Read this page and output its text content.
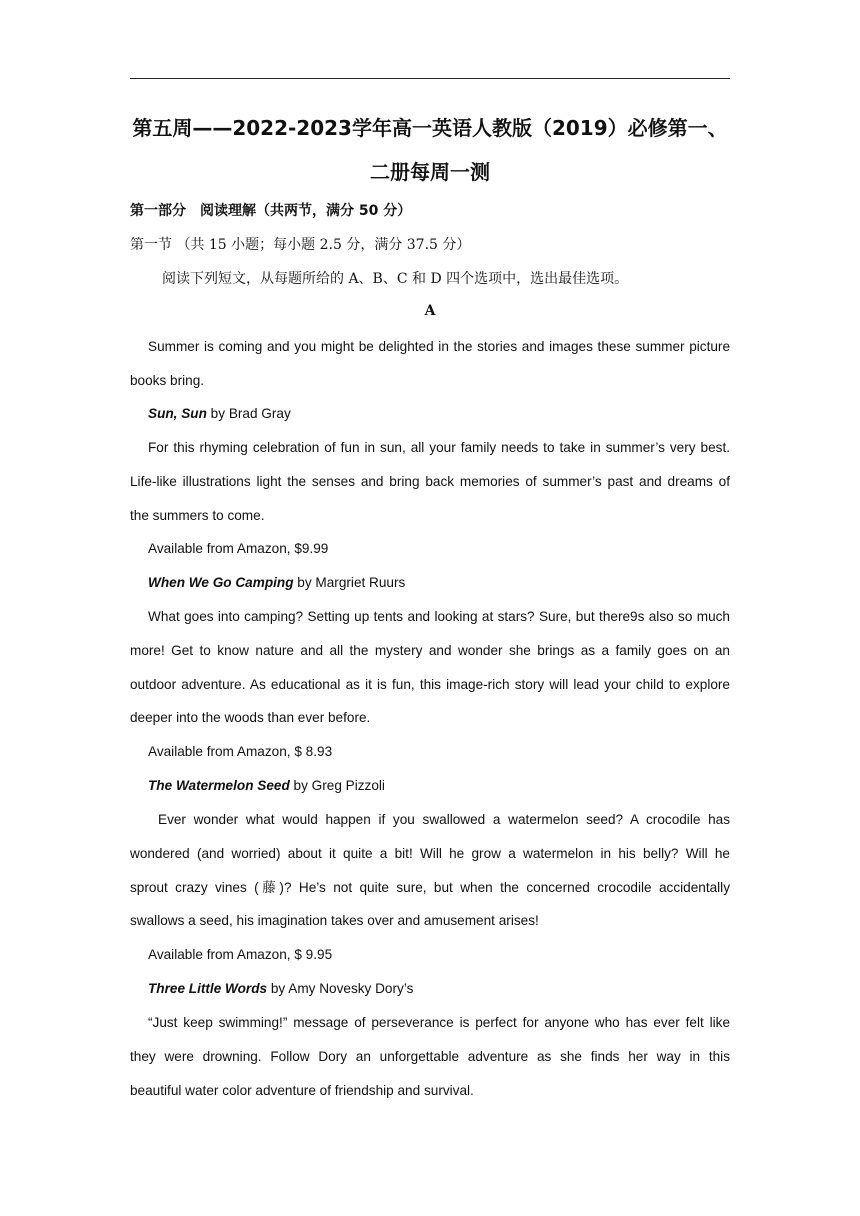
第五周——2022-2023学年高一英语人教版（2019）必修第一、
二册每周一测
第一部分　阅读理解（共两节，满分 50 分）
第一节 （共 15 小题；每小题 2.5 分，满分 37.5 分）
阅读下列短文，从每题所给的 A、B、C 和 D 四个选项中，选出最佳选项。
A
Summer is coming and you might be delighted in the stories and images these summer picture
books bring.
Sun, Sun by Brad Gray
For this rhyming celebration of fun in sun, all your family needs to take in summer’s very best.
Life-like illustrations light the senses and bring back memories of summer’s past and dreams of
the summers to come.
Available from Amazon, $9.99
When We Go Camping by Margriet Ruurs
What goes into camping? Setting up tents and looking at stars? Sure, but there9s also so much
more! Get to know nature and all the mystery and wonder she brings as a family goes on an
outdoor adventure. As educational as it is fun, this image-rich story will lead your child to explore
deeper into the woods than ever before.
Available from Amazon, $ 8.93
The Watermelon Seed by Greg Pizzoli
Ever wonder what would happen if you swallowed a watermelon seed? A crocodile has
wondered (and worried) about it quite a bit! Will he grow a watermelon in his belly? Will he
sprout crazy vines (藤)? He’s not quite sure, but when the concerned crocodile accidentally
swallows a seed, his imagination takes over and amusement arises!
Available from Amazon, $ 9.95
Three Little Words by Amy Novesky Dory’s
“Just keep swimming!” message of perseverance is perfect for anyone who has ever felt like
they were drowning. Follow Dory an unforgettable adventure as she finds her way in this
beautiful water color adventure of friendship and survival.
